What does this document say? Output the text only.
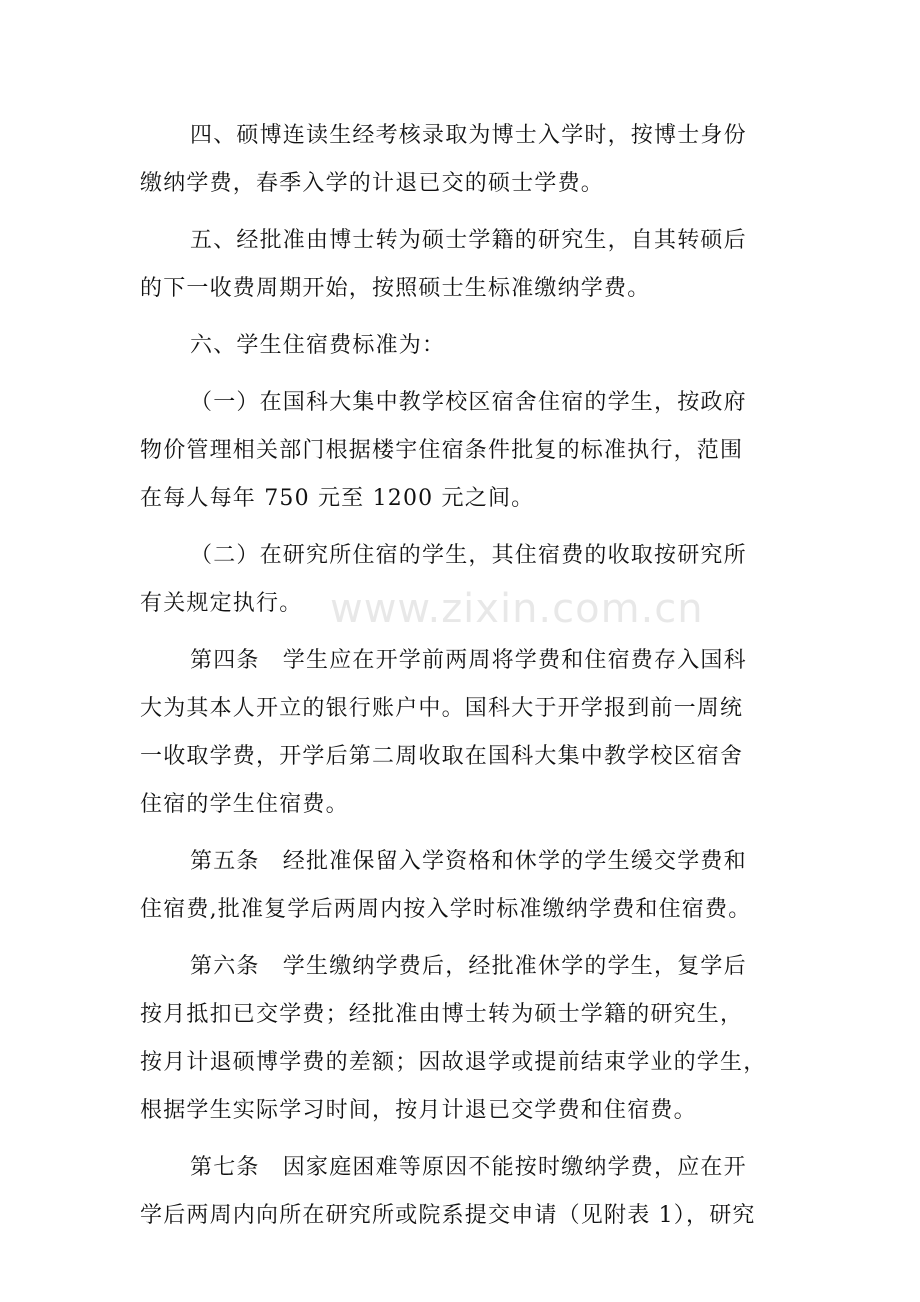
四、硕博连读生经考核录取为博士入学时，按博士身份
缴纳学费，春季入学的计退已交的硕士学费。

五、经批准由博士转为硕士学籍的研究生，自其转硕后
的下一收费周期开始，按照硕士生标准缴纳学费。

六、学生住宿费标准为：

（一）在国科大集中教学校区宿舍住宿的学生，按政府
物价管理相关部门根据楼宇住宿条件批复的标准执行，范围
在每人每年 750 元至 1200 元之间。

（二）在研究所住宿的学生，其住宿费的收取按研究所
有关规定执行。

第四条　学生应在开学前两周将学费和住宿费存入国科
大为其本人开立的银行账户中。国科大于开学报到前一周统
一收取学费，开学后第二周收取在国科大集中教学校区宿舍
住宿的学生住宿费。

第五条　经批准保留入学资格和休学的学生缓交学费和
住宿费,批准复学后两周内按入学时标准缴纳学费和住宿费。

第六条　学生缴纳学费后，经批准休学的学生，复学后
按月抵扣已交学费；经批准由博士转为硕士学籍的研究生，
按月计退硕博学费的差额；因故退学或提前结束学业的学生，
根据学生实际学习时间，按月计退已交学费和住宿费。

第七条　因家庭困难等原因不能按时缴纳学费，应在开
学后两周内向所在研究所或院系提交申请（见附表 1），研究

www.zixin.com.cn
